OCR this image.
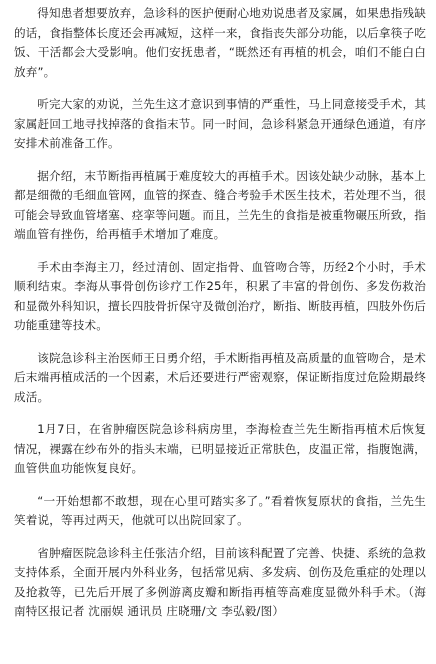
得知患者想要放弃，急诊科的医护便耐心地劝说患者及家属，如果患指残缺的话，食指整体长度还会再减短，这样一来，食指丧失部分功能，以后拿筷子吃饭、干活都会大受影响。他们安抚患者，“既然还有再植的机会，咱们不能白白放弃”。

听完大家的劝说，兰先生这才意识到事情的严重性，马上同意接受手术，其家属赶回工地寻找掉落的食指末节。同一时间，急诊科紧急开通绿色通道，有序安排术前准备工作。

据介绍，末节断指再植属于难度较大的再植手术。因该处缺少动脉，基本上都是细微的毛细血管网，血管的探查、缝合考验手术医生技术，若处理不当，很可能会导致血管堵塞、痉挛等问题。而且，兰先生的食指是被重物碾压所致，指端血管有挫伤，给再植手术增加了难度。

手术由李海主刀，经过清创、固定指骨、血管吻合等，历经2个小时，手术顺利结束。李海从事骨创伤诊疗工作25年，积累了丰富的骨创伤、多发伤救治和显微外科知识，擅长四肢骨折保守及微创治疗，断指、断肢再植，四肢外伤后功能重建等技术。

该院急诊科主治医师王日勇介绍，手术断指再植及高质量的血管吻合，是术后末端再植成活的一个因素，术后还要进行严密观察，保证断指度过危险期最终成活。

1月7日，在省肿瘤医院急诊科病房里，李海检查兰先生断指再植术后恢复情况，裸露在纱布外的指头末端，已明显接近正常肤色，皮温正常，指腹饱满，血管供血功能恢复良好。

“一开始想都不敢想，现在心里可踏实多了。”看着恢复原状的食指，兰先生笑着说，等再过两天，他就可以出院回家了。

省肿瘤医院急诊科主任张洁介绍，目前该科配置了完善、快捷、系统的急救支持体系，全面开展内外科业务，包括常见病、多发病、创伤及危重症的处理以及抢救等，已先后开展了多例游离皮瓣和断指再植等高难度显微外科手术。（海南特区报记者 沈丽娱 通讯员 庄晓珊/文 李弘毅/图）
